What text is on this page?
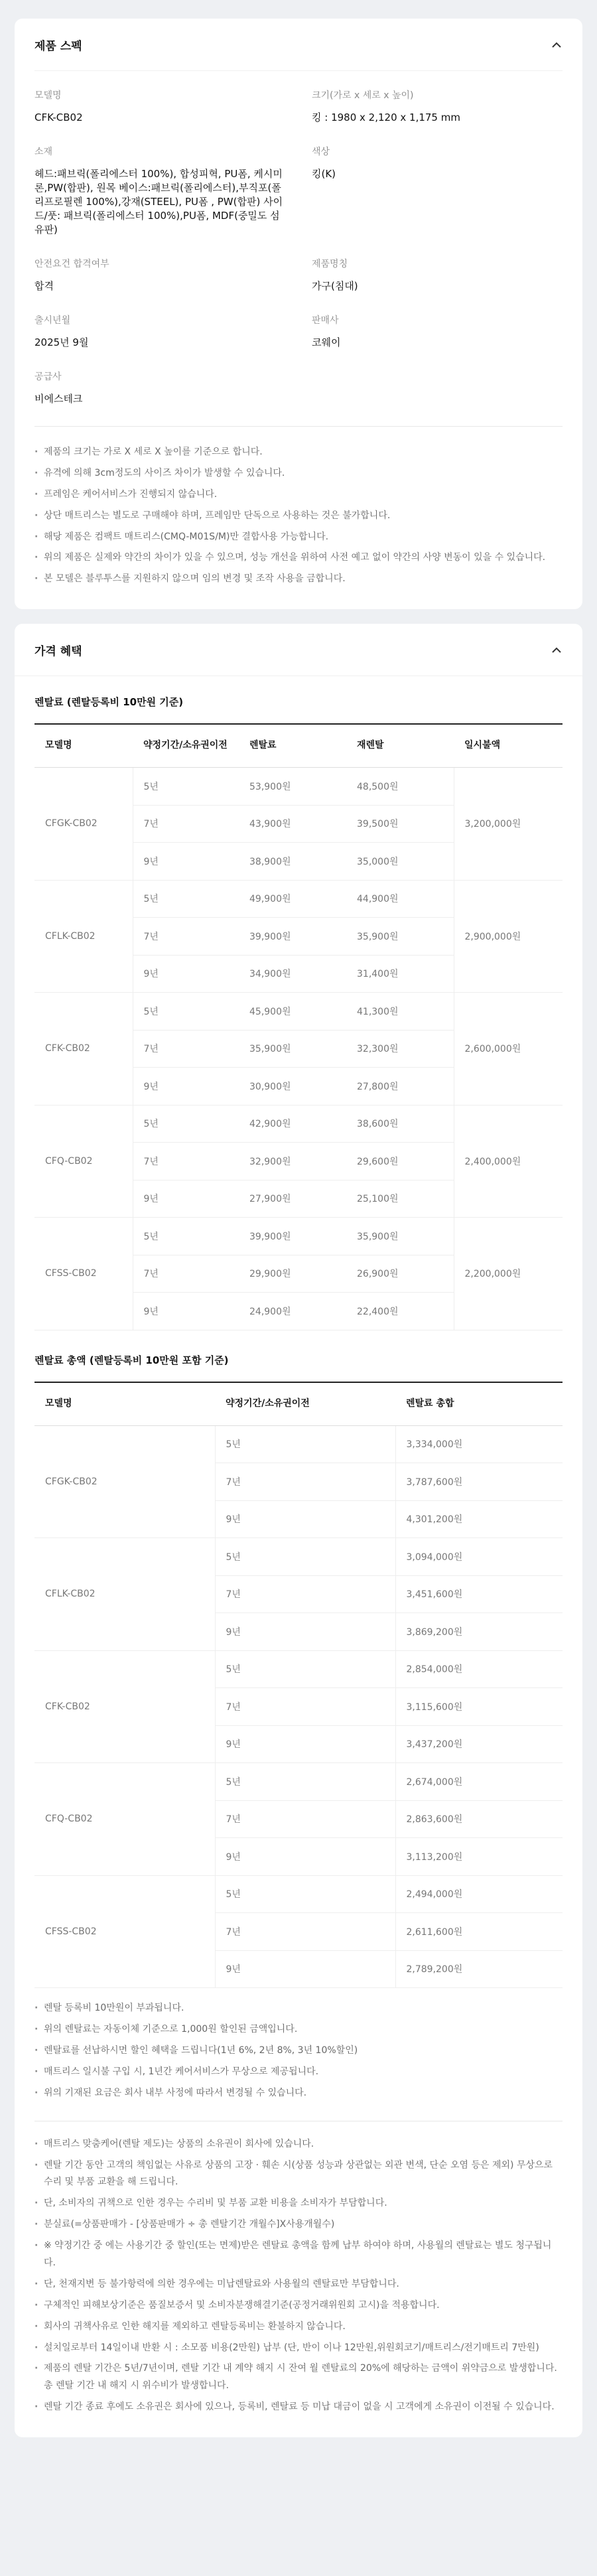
제품 스펙
모델명
CFK-CB02
크기(가로 x 세로 x 높이)
킹 : 1980 x 2,120 x 1,175 mm
소재
헤드:패브릭(폴리에스터 100%), 합성피혁, PU폼, 케시미론,PW(합판), 원목 베이스:패브릭(폴리에스터),부직포(폴리프로필렌 100%),강재(STEEL), PU폼 , PW(합판) 사이드/풋: 패브릭(폴리에스터 100%),PU폼, MDF(중밀도 섬유판)
색상
킹(K)
안전요건 합격여부
합격
제품명칭
가구(침대)
출시년월
2025년 9월
판매사
코웨이
공급사
비에스테크
· 제품의 크기는 가로 X 세로 X 높이를 기준으로 합니다.
· 유격에 의해 3cm정도의 사이즈 차이가 발생할 수 있습니다.
· 프레임은 케어서비스가 진행되지 않습니다.
· 상단 매트리스는 별도로 구매해야 하며, 프레임만 단독으로 사용하는 것은 불가합니다.
· 해당 제품은 컴팩트 매트리스(CMQ-M01S/M)만 결합사용 가능합니다.
· 위의 제품은 실제와 약간의 차이가 있을 수 있으며, 성능 개선을 위하여 사전 예고 없이 약간의 사양 변동이 있을 수 있습니다.
· 본 모델은 블루투스를 지원하지 않으며 임의 변경 및 조작 사용을 금합니다.
가격 혜택
렌탈료 (렌탈등록비 10만원 기준)
모델명	약정기간/소유권이전	렌탈료	재렌탈	일시불액
CFGK-CB02	5년	53,900원	48,500원	3,200,000원
	7년	43,900원	39,500원	
	9년	38,900원	35,000원	
CFLK-CB02	5년	49,900원	44,900원	2,900,000원
	7년	39,900원	35,900원	
	9년	34,900원	31,400원	
CFK-CB02	5년	45,900원	41,300원	2,600,000원
	7년	35,900원	32,300원	
	9년	30,900원	27,800원	
CFQ-CB02	5년	42,900원	38,600원	2,400,000원
	7년	32,900원	29,600원	
	9년	27,900원	25,100원	
CFSS-CB02	5년	39,900원	35,900원	2,200,000원
	7년	29,900원	26,900원	
	9년	24,900원	22,400원	
렌탈료 총액 (렌탈등록비 10만원 포함 기준)
모델명	약정기간/소유권이전	렌탈료 총합
CFGK-CB02	5년	3,334,000원
	7년	3,787,600원
	9년	4,301,200원
CFLK-CB02	5년	3,094,000원
	7년	3,451,600원
	9년	3,869,200원
CFK-CB02	5년	2,854,000원
	7년	3,115,600원
	9년	3,437,200원
CFQ-CB02	5년	2,674,000원
	7년	2,863,600원
	9년	3,113,200원
CFSS-CB02	5년	2,494,000원
	7년	2,611,600원
	9년	2,789,200원
· 렌탈 등록비 10만원이 부과됩니다.
· 위의 렌탈료는 자동이체 기준으로 1,000원 할인된 금액입니다.
· 렌탈료를 선납하시면 할인 혜택을 드립니다(1년 6%, 2년 8%, 3년 10%할인)
· 매트리스 일시불 구입 시, 1년간 케어서비스가 무상으로 제공됩니다.
· 위의 기재된 요금은 회사 내부 사정에 따라서 변경될 수 있습니다.
· 매트리스 맞춤케어(렌탈 제도)는 상품의 소유권이 회사에 있습니다.
· 렌탈 기간 동안 고객의 책임없는 사유로 상품의 고장 · 훼손 시(상품 성능과 상관없는 외관 변색, 단순 오염 등은 제외) 무상으로 수리 및 부품 교환을 해 드립니다.
· 단, 소비자의 귀책으로 인한 경우는 수리비 및 부품 교환 비용을 소비자가 부담합니다.
· 분실료(=상품판매가 - [상품판매가 ÷ 총 렌탈기간 개월수]X사용개월수)
· ※ 약정기간 중 에는 사용기간 중 할인(또는 면제)받은 렌탈료 총액을 함께 납부 하여야 하며, 사용월의 렌탈료는 별도 청구됩니다.
· 단, 천재지변 등 불가항력에 의한 경우에는 미납렌탈료와 사용월의 렌탈료만 부담합니다.
· 구체적인 피해보상기준은 품질보증서 및 소비자분쟁해결기준(공정거래위원회 고시)을 적용합니다.
· 회사의 귀책사유로 인한 해지를 제외하고 렌탈등록비는 환불하지 않습니다.
· 설치일로부터 14일이내 반환 시 : 소모품 비용(2만원) 납부 (단, 반이 이나 12만원,위원회코기/매트리스/전기매트리 7만원)
· 제품의 렌탈 기간은 5년/7년이며, 렌탈 기간 내 계약 해지 시 잔여 월 렌탈료의 20%에 해당하는 금액이 위약금으로 발생합니다. 총 렌탈 기간 내 해지 시 위수비가 발생합니다.
· 렌탈 기간 종료 후에도 소유권은 회사에 있으나, 등록비, 렌탈료 등 미납 대금이 없을 시 고객에게 소유권이 이전될 수 있습니다.
